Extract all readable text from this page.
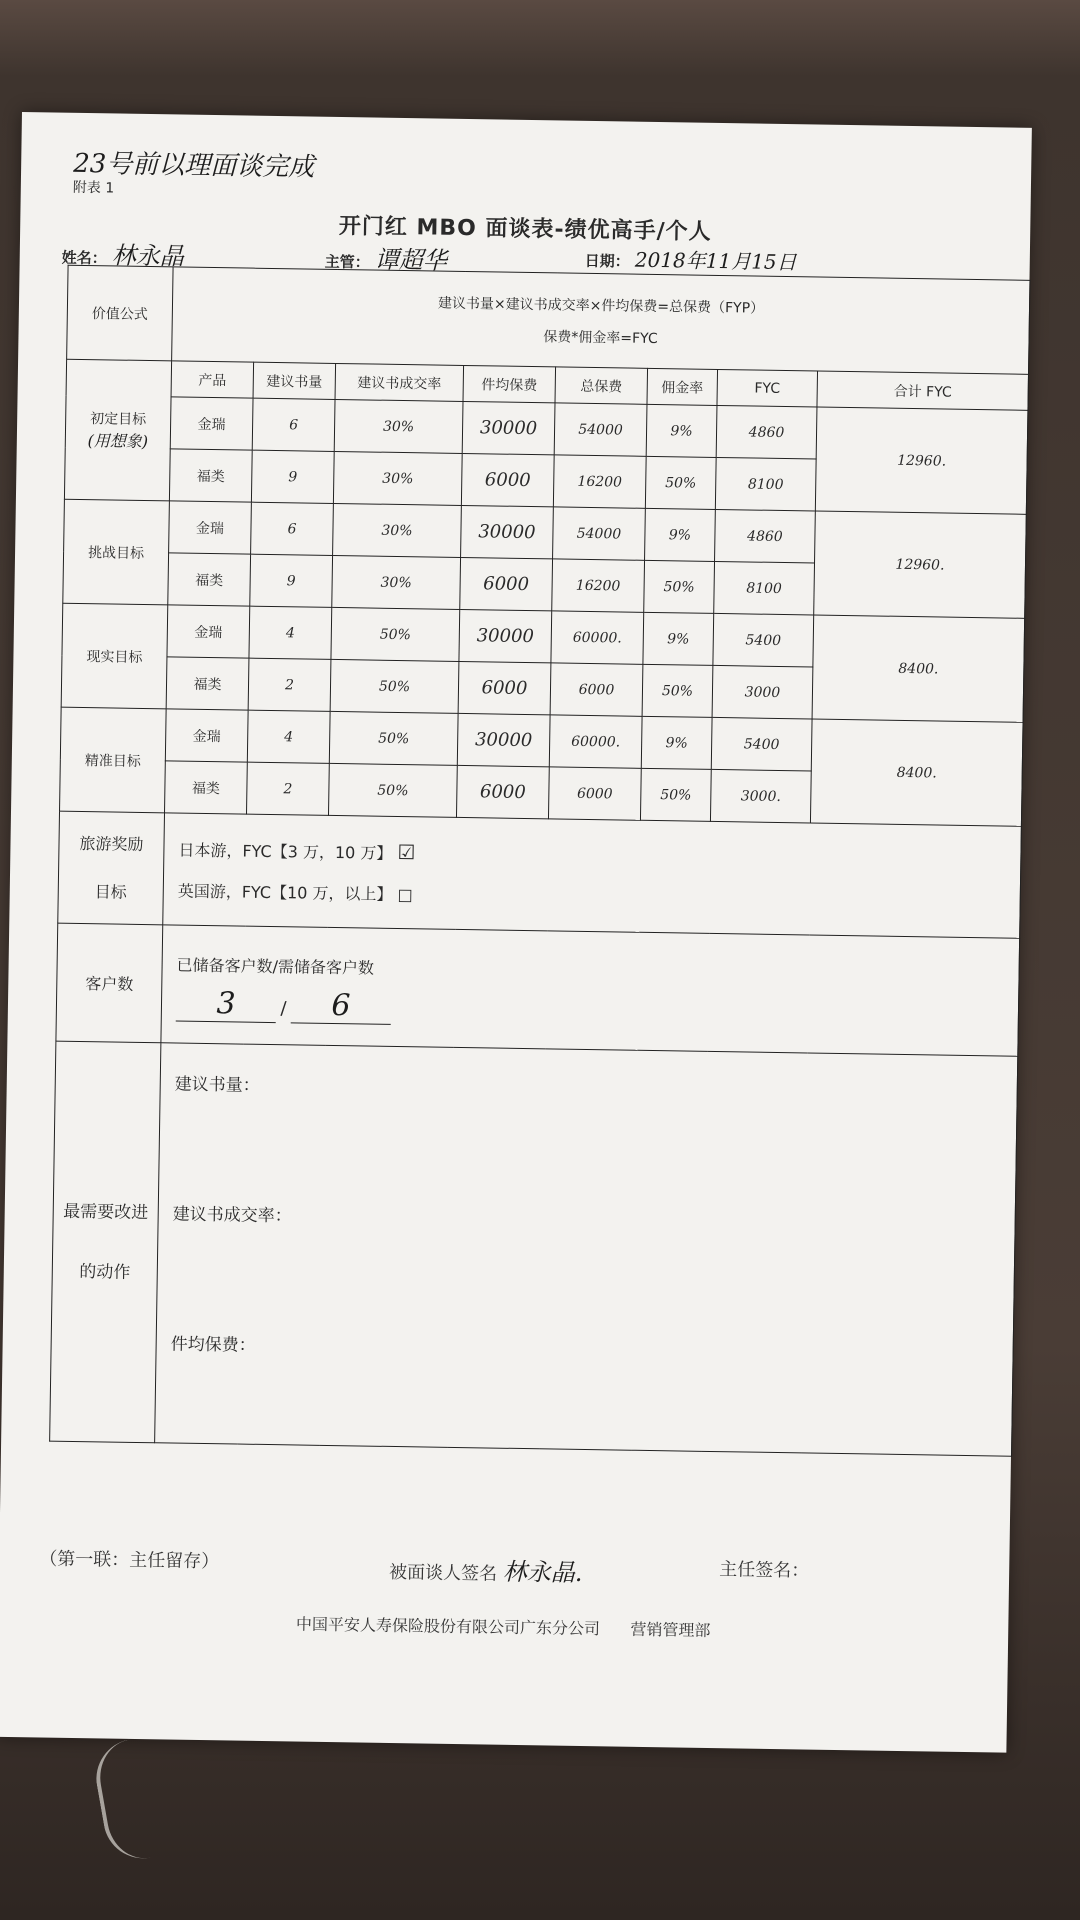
23号前以理面谈完成
附表 1
开门红 MBO 面谈表-绩优高手/个人
姓名： 林永晶	主管： 谭超华	日期： 2018年11月15日
价值公式	建议书量×建议书成交率×件均保费=总保费（FYP）
保费*佣金率=FYC							

初定目标
(用想象)	产品	建议书量	建议书成交率	件均保费	总保费	佣金率	FYC	合计 FYC
	金瑞	6	30%	30000	54000	9%	4860	12960.
	福类	9	30%	6000	16200	50%	8100	
挑战目标	金瑞	6	30%	30000	54000	9%	4860	12960.
	福类	9	30%	6000	16200	50%	8100	
现实目标	金瑞	4	50%	30000	60000.	9%	5400	8400.
	福类	2	50%	6000	6000	50%	3000	
精准目标	金瑞	4	50%	30000	60000.	9%	5400	8400.
	福类	2	50%	6000	6000	50%	3000.	
旅游奖励
目标	日本游，FYC【3 万，10 万】 ☑
英国游，FYC【10 万，以上】 □							

客户数	已储备客户数/需储备客户数
3 / 6							
最需要改进
的动作	建议书量：
建议书成交率：
件均保费：							
（第一联：主任留存）
被面谈人签名 林永晶.	主任签名：
中国平安人寿保险股份有限公司广东分公司 营销管理部
